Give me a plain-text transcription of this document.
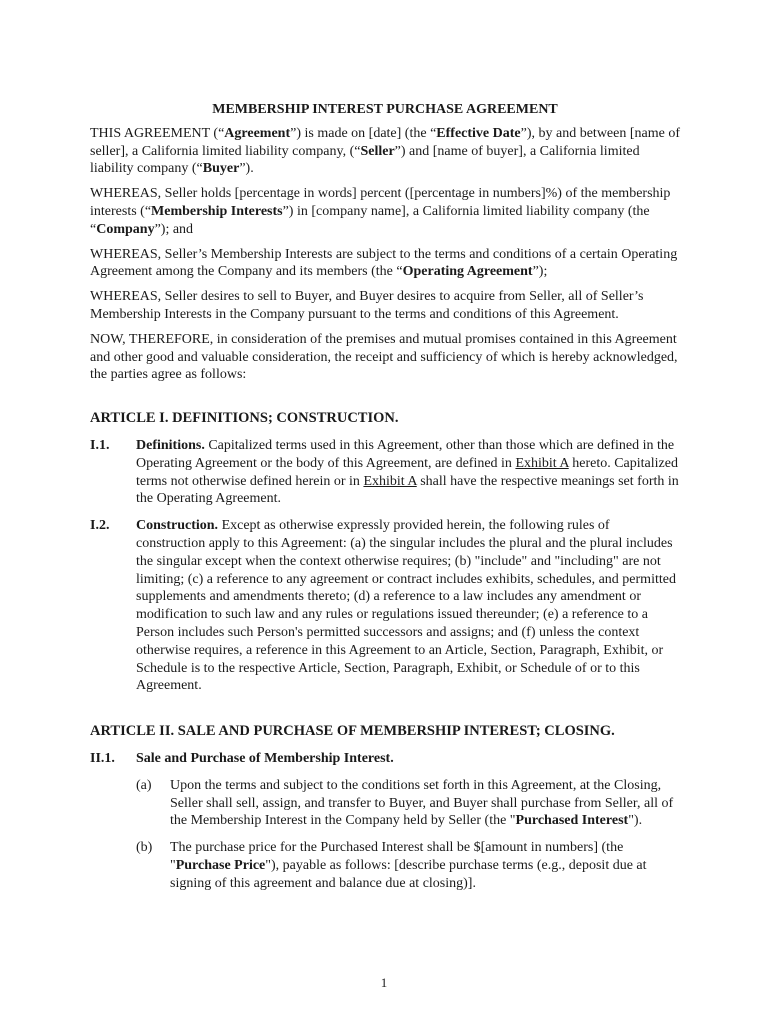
MEMBERSHIP INTEREST PURCHASE AGREEMENT

THIS AGREEMENT (“Agreement”) is made on [date] (the “Effective Date”), by and between [name of seller], a California limited liability company, (“Seller”) and [name of buyer], a California limited liability company (“Buyer”).

WHEREAS, Seller holds [percentage in words] percent ([percentage in numbers]%) of the membership interests (“Membership Interests”) in [company name], a California limited liability company (the “Company”); and

WHEREAS, Seller’s Membership Interests are subject to the terms and conditions of a certain Operating Agreement among the Company and its members (the “Operating Agreement”);

WHEREAS, Seller desires to sell to Buyer, and Buyer desires to acquire from Seller, all of Seller’s Membership Interests in the Company pursuant to the terms and conditions of this Agreement.

NOW, THEREFORE, in consideration of the premises and mutual promises contained in this Agreement and other good and valuable consideration, the receipt and sufficiency of which is hereby acknowledged, the parties agree as follows:

ARTICLE I. DEFINITIONS; CONSTRUCTION.
I.1.	Definitions. Capitalized terms used in this Agreement, other than those which are defined in the Operating Agreement or the body of this Agreement, are defined in Exhibit A hereto. Capitalized terms not otherwise defined herein or in Exhibit A shall have the respective meanings set forth in the Operating Agreement.
I.2.	Construction. Except as otherwise expressly provided herein, the following rules of construction apply to this Agreement: (a) the singular includes the plural and the plural includes the singular except when the context otherwise requires; (b) "include" and "including" are not limiting; (c) a reference to any agreement or contract includes exhibits, schedules, and permitted supplements and amendments thereto; (d) a reference to a law includes any amendment or modification to such law and any rules or regulations issued thereunder; (e) a reference to a Person includes such Person's permitted successors and assigns; and (f) unless the context otherwise requires, a reference in this Agreement to an Article, Section, Paragraph, Exhibit, or Schedule is to the respective Article, Section, Paragraph, Exhibit, or Schedule of or to this Agreement.
ARTICLE II. SALE AND PURCHASE OF MEMBERSHIP INTEREST; CLOSING.
II.1.	Sale and Purchase of Membership Interest.
(a)	Upon the terms and subject to the conditions set forth in this Agreement, at the Closing, Seller shall sell, assign, and transfer to Buyer, and Buyer shall purchase from Seller, all of the Membership Interest in the Company held by Seller (the "Purchased Interest").
(b)	The purchase price for the Purchased Interest shall be $[amount in numbers] (the "Purchase Price"), payable as follows: [describe purchase terms (e.g., deposit due at signing of this agreement and balance due at closing)].
1
